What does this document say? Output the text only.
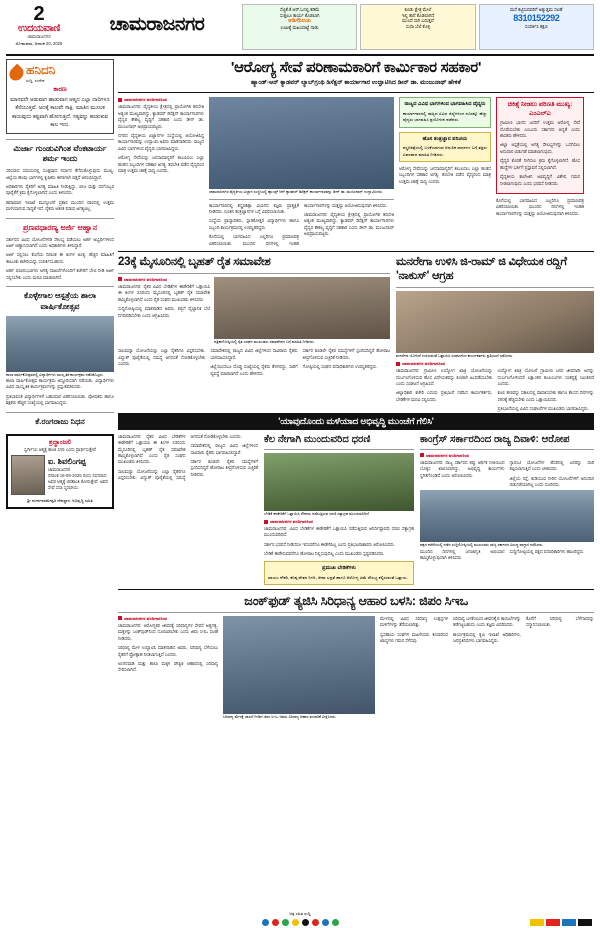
2
ಉದಯವಾಣಿ
ಚಾಮರಾಜನಗರ
ಸೋಮವಾರ, ದಿನಾಂಕ 20, 2025
ಚಾಮರಾಜನಗರ
ಸೆಟ್ಟಿಕೆ.ಕೆ.ಆರ್.ಓನಲ್ಲಿ ಕಡಿಮೆ
ಸುತ್ತಲೂ ಕಾರ್ಯ ಕೊಡಲಾಗಿ
ಅಡಿಗೆನಿಲಯ
ಊಟಕ್ಕೆ ಮಹಿಯಾಟ್ಟೆ ನಾಡು
ಕೂಡು ಕ್ಷೇತ್ರ ಮೇಲೆ
ಇಲ್ಲಿ ತಾನೆ ಕೊಡಲಾಗಿದೆ
ಮುಂದೆ ಸಾಗಿ ಬರುತ್ತದೆ
ಸುಧಾ ಬೆಲೆ ಕೊಳ್ಳಿ
ಮನೆ ಕಟ್ಟಿಸುವವರಿಗೆ ಅತ್ಯುತ್ತಮ ಸಲಹೆ
8310152292
ಸಂಪರ್ಕಿಸಿ ತಕ್ಷಣ
ಹನಿದನಿ
ಸುದ್ದಿ, ಸಂದೇಶ
ಕಾರಣ
ಮಾನವನೇ ಆಡುವಾಗ ಹಾಡುವಾಗ ಆತ್ಮದ ಎಲ್ಲಾ ದಾರಿಗಳೂ ತೆರೆಯುತ್ತವೆ. ಅದಕ್ಕೆ ಕಾಲವೇ ಸಾಕ್ಷಿ. ಮಾತಿನ ಮೂಲಕ ಕಾಣುವುದು ಕಷ್ಟವಾಗಿ ಹೋಗುತ್ತದೆ. ಸತ್ಯವನ್ನು ಹುಡುಕುವ ಕಾಲ ಇದು.
ಮಿರ್ಜಾ ಗುಂಡುವಿಗಿಂತ ವೆಂಕಟಾರ್ಯ ಶರ್ಮ ಇಂದು

ಸರಿಯಾದ ಸಮಯದಲ್ಲಿ ಸೂಕ್ತವಾದ ನಿರ್ಧಾರ ತೆಗೆದುಕೊಳ್ಳುವುದು ಮುಖ್ಯ. ಜಿಲ್ಲೆಯ ಹಲವು ಭಾಗಗಳಲ್ಲಿ ಕೃಷಿಕರು ಈಗಾಗಲೇ ಬಿತ್ತನೆ ಆರಂಭಿಸಿದ್ದಾರೆ.

ಅಧಿಕಾರಿಗಳು ರೈತರಿಗೆ ಅಗತ್ಯ ಮಾಹಿತಿ ನೀಡುತ್ತಿದ್ದು, ಬೀಜ ಮತ್ತು ರಸಗೊಬ್ಬರ ಪೂರೈಕೆಗೆ ಕ್ರಮ ಕೈಗೊಳ್ಳಲಾಗಿದೆ ಎಂದು ತಿಳಿಸಿದರು.

ಹವಾಮಾನ ಇಲಾಖೆ ಮುನ್ಸೂಚನೆ ಪ್ರಕಾರ ಮುಂದಿನ ವಾರದಲ್ಲಿ ಉತ್ತಮ ಮಳೆಯಾಗುವ ಸಾಧ್ಯತೆ ಇದೆ. ರೈತರು ಆತಂಕ ಪಡುವ ಅಗತ್ಯವಿಲ್ಲ.

ಪ್ರಣವಧಾರಣ್ಯ ಅರ್ಜಿ ಆಹ್ವಾನ

ಸರ್ಕಾರದ ವಿವಿಧ ಯೋಜನೆಗಳಡಿ ಸೌಲಭ್ಯ ಪಡೆಯಲು ಅರ್ಹ ಅಭ್ಯರ್ಥಿಗಳಿಂದ ಅರ್ಜಿ ಆಹ್ವಾನಿಸಲಾಗಿದೆ ಎಂದು ಅಧಿಕಾರಿಗಳು ತಿಳಿಸಿದ್ದಾರೆ.

ಅರ್ಜಿ ಸಲ್ಲಿಸಲು ಕೊನೆಯ ದಿನಾಂಕ ಈ ತಿಂಗಳ ಅಂತ್ಯ. ಹೆಚ್ಚಿನ ಮಾಹಿತಿಗೆ ತಾಲೂಕು ಕಚೇರಿಯನ್ನು ಸಂಪರ್ಕಿಸಬಹುದು.

ಅರ್ಹ ಫಲಾನುಭವಿಗಳು ಅಗತ್ಯ ದಾಖಲೆಗಳೊಂದಿಗೆ ಕಚೇರಿಗೆ ಭೇಟಿ ನೀಡಿ ಅರ್ಜಿ ಸಲ್ಲಿಸಬೇಕು ಎಂದು ಮನವಿ ಮಾಡಲಾಗಿದೆ.

ಕೊಳ್ಳೇಗಾಲ ಆಸ್ಪತ್ರೆಯ ಶಾಲಾ ವಾರ್ಷಿಕೋತ್ಸವ
ಶಾಲಾ ವಾರ್ಷಿಕೋತ್ಸವದಲ್ಲಿ ವಿದ್ಯಾರ್ಥಿಗಳು ಸಾಂಸ್ಕೃತಿಕ ಕಾರ್ಯಕ್ರಮ ನಡೆಸಿಕೊಟ್ಟರು.

ಶಾಲಾ ವಾರ್ಷಿಕೋತ್ಸವ ಕಾರ್ಯಕ್ರಮ ಅದ್ಧೂರಿಯಾಗಿ ನಡೆಯಿತು. ವಿದ್ಯಾರ್ಥಿಗಳು ವಿವಿಧ ಸಾಂಸ್ಕೃತಿಕ ಕಾರ್ಯಕ್ರಮಗಳನ್ನು ಪ್ರಸ್ತುತಪಡಿಸಿದರು.

ಪ್ರತಿಭಾವಂತ ವಿದ್ಯಾರ್ಥಿಗಳಿಗೆ ಬಹುಮಾನ ವಿತರಿಸಲಾಯಿತು. ಪೋಷಕರು ಹಾಗೂ ಶಿಕ್ಷಕರು ಹೆಚ್ಚಿನ ಸಂಖ್ಯೆಯಲ್ಲಿ ಭಾಗವಹಿಸಿದ್ದರು.

ಕೆ.ರಂಗರಾಜು ನಿಧನ
ಶ್ರದ್ಧಾಂಜಲಿ
ಸ್ವರ್ಗೀಯ ಆತ್ಮಕ್ಕೆ ಶಾಂತಿ ಸಿಗಲಿ ಎಂದು ಪ್ರಾರ್ಥಿಸುತ್ತೇವೆ
ಐ. ಶಿವಲಿಂಗಪ್ಪ
ಚಾಮರಾಜನಗರ
ದಿನಾಂಕ 18-09-2025 ರಂದು ನಿಧನರಾದ ಅವರ ಆತ್ಮಕ್ಕೆ ಚಿರಶಾಂತಿ ಕೋರುತ್ತೇವೆ. ಅವರ ಸೇವೆ ಸದಾ ಸ್ಮರಣೀಯ.
ಶ್ರೀ ದುರ್ಗಾಪರಮೇಶ್ವರಿ ದೇವಸ್ಥಾನ, ಅಭಿವೃದ್ಧಿ ಸಮಿತಿ
'ಆರೋಗ್ಯ ಸೇವೆ ಪರಿಣಾಮಕಾರಿಗೆ ಕಾರ್ಮಿಕಾರ ಸಹಕಾರ'
ಹ್ಯಾಂಡ್-ಆನ್ ಕ್ಯಾಡವರ್ ಲ್ಯಾಬ್‌ಗ್ರಂಥಿ ಡಿಸೆಕ್ಷನ್ ಕಾರ್ಯಾಗಾರ ಉದ್ಘಾಟಿಸಿದ ಡೀನ್ ಡಾ. ಮಂಜುನಾಥ್ ಹೇಳಿಕೆ
ಚಾಮರಾಜನಗರ ವರದಿಗಾರರಿಂದ

ಚಾಮರಾಜನಗರ: ವೈದ್ಯಕೀಯ ಕ್ಷೇತ್ರದಲ್ಲಿ ಪ್ರಾಯೋಗಿಕ ತರಬೇತಿ ಅತ್ಯಂತ ಮುಖ್ಯವಾಗಿದ್ದು, ಕ್ಯಾಡವರ್ ಡಿಸೆಕ್ಷನ್ ಕಾರ್ಯಾಗಾರಗಳು ವೈದ್ಯರ ಕೌಶಲ್ಯ ವೃದ್ಧಿಗೆ ಸಹಕಾರಿ ಎಂದು ಡೀನ್ ಡಾ. ಮಂಜುನಾಥ್ ಅಭಿಪ್ರಾಯಪಟ್ಟರು.

ನಗರದ ವೈದ್ಯಕೀಯ ವಿಜ್ಞಾನಗಳ ಸಂಸ್ಥೆಯಲ್ಲಿ ಆಯೋಜಿಸಿದ್ದ ಕಾರ್ಯಾಗಾರವನ್ನು ಉದ್ಘಾಟಿಸಿ ಅವರು ಮಾತನಾಡಿದರು. ರಾಜ್ಯದ ವಿವಿಧ ಭಾಗಗಳಿಂದ ವೈದ್ಯರು ಭಾಗವಹಿಸಿದ್ದರು.

ಆರೋಗ್ಯ ಸೇವೆಯನ್ನು ಜನಸಾಮಾನ್ಯರಿಗೆ ತಲುಪಿಸಲು ಎಲ್ಲಾ ಹಂತದ ಸಿಬ್ಬಂದಿಗಳ ಸಹಕಾರ ಅಗತ್ಯ. ತರಬೇತಿ ಪಡೆದ ವೈದ್ಯರಿಂದ ಮಾತ್ರ ಉತ್ತಮ ಚಿಕಿತ್ಸೆ ಸಾಧ್ಯ ಎಂದರು.

ಚಾಮರಾಜನಗರ ವೈದ್ಯಕೀಯ ವಿಜ್ಞಾನ ಸಂಸ್ಥೆಯಲ್ಲಿ ಹ್ಯಾಂಡ್ಸ್ ಆನ್ ಕ್ಯಾಡವರ್ ಡಿಸೆಕ್ಷನ್ ಕಾರ್ಯಾಗಾರವನ್ನು ಡೀನ್ ಡಾ. ಮಂಜುನಾಥ್ ಉದ್ಘಾಟಿಸಿದರು.

ಕಾರ್ಯಾಗಾರದಲ್ಲಿ ಶಸ್ತ್ರಚಿಕಿತ್ಸಾ ವಿಭಾಗದ ತಜ್ಞರು ಪ್ರಾತ್ಯಕ್ಷಿಕೆ ನೀಡಿದರು. ನೂತನ ತಂತ್ರಜ್ಞಾನಗಳ ಬಗ್ಗೆ ವಿವರಿಸಲಾಯಿತು.

ಸಂಸ್ಥೆಯ ಪ್ರಾಧ್ಯಾಪಕರು, ಸ್ನಾತಕೋತ್ತರ ವಿದ್ಯಾರ್ಥಿಗಳು ಹಾಗೂ ಸಿಬ್ಬಂದಿ ಕಾರ್ಯಕ್ರಮದಲ್ಲಿ ಉಪಸ್ಥಿತರಿದ್ದರು.

ಕೊನೆಯಲ್ಲಿ ಭಾಗವಹಿಸಿದ ಎಲ್ಲರಿಗೂ ಪ್ರಮಾಣಪತ್ರ ವಿತರಿಸಲಾಯಿತು. ಮುಂದಿನ ದಿನಗಳಲ್ಲಿ ಇಂತಹ ಕಾರ್ಯಾಗಾರಗಳನ್ನು ಮತ್ತಷ್ಟು ಆಯೋಜಿಸುವುದಾಗಿ ತಿಳಿಸಿದರು.

ಚಾಮರಾಜನಗರ: ವೈದ್ಯಕೀಯ ಕ್ಷೇತ್ರದಲ್ಲಿ ಪ್ರಾಯೋಗಿಕ ತರಬೇತಿ ಅತ್ಯಂತ ಮುಖ್ಯವಾಗಿದ್ದು, ಕ್ಯಾಡವರ್ ಡಿಸೆಕ್ಷನ್ ಕಾರ್ಯಾಗಾರಗಳು ವೈದ್ಯರ ಕೌಶಲ್ಯ ವೃದ್ಧಿಗೆ ಸಹಕಾರಿ ಎಂದು ಡೀನ್ ಡಾ. ಮಂಜುನಾಥ್ ಅಭಿಪ್ರಾಯಪಟ್ಟರು.

ರಾಜ್ಯದ ವಿವಿಧ ಭಾಗಗಳಿಂದ ಭಾಗವಹಿಸಿದ ವೈದ್ಯರು
ಕಾರ್ಯಾಗಾರದಲ್ಲಿ ರಾಜ್ಯದ ವಿವಿಧ ಜಿಲ್ಲೆಗಳಿಂದ ನೂರಕ್ಕೂ ಹೆಚ್ಚು ವೈದ್ಯರು ಭಾಗವಹಿಸಿ ಪ್ರಯೋಜನ ಪಡೆದರು.
ಹೊಸ ತಂತ್ರಜ್ಞಾನ ಪರಿಚಯ
ಶಸ್ತ್ರಚಿಕಿತ್ಸೆಯಲ್ಲಿ ಬಳಕೆಯಾಗುವ ಆಧುನಿಕ ಸಾಧನಗಳ ಬಗ್ಗೆ ತಜ್ಞರು ವಿವರವಾದ ಮಾಹಿತಿ ನೀಡಿದರು.

ಆರೋಗ್ಯ ಸೇವೆಯನ್ನು ಜನಸಾಮಾನ್ಯರಿಗೆ ತಲುಪಿಸಲು ಎಲ್ಲಾ ಹಂತದ ಸಿಬ್ಬಂದಿಗಳ ಸಹಕಾರ ಅಗತ್ಯ. ತರಬೇತಿ ಪಡೆದ ವೈದ್ಯರಿಂದ ಮಾತ್ರ ಉತ್ತಮ ಚಿಕಿತ್ಸೆ ಸಾಧ್ಯ ಎಂದರು.

ಚಿಕಿತ್ಸೆ ನೀಡಲು ಪರಿಣತಿ ಮುಖ್ಯ: ಎಂಎಲ್‌ಎ

ಗ್ರಾಮೀಣ ಭಾಗದ ಜನರಿಗೆ ಉತ್ತಮ ಆರೋಗ್ಯ ಸೇವೆ ದೊರೆಯಬೇಕು ಎಂಬುದು ಸರ್ಕಾರದ ಆದ್ಯತೆ ಎಂದು ಶಾಸಕರು ಹೇಳಿದರು.

ಜಿಲ್ಲಾ ಆಸ್ಪತ್ರೆಯಲ್ಲಿ ಅಗತ್ಯ ಸೌಲಭ್ಯಗಳನ್ನು ಒದಗಿಸಲು ಅನುದಾನ ಬಿಡುಗಡೆ ಮಾಡಲಾಗುವುದು.

ವೈದ್ಯರ ಕೊರತೆ ನೀಗಿಸಲು ಕ್ರಮ ಕೈಗೊಳ್ಳಲಾಗಿದೆ. ಹೊಸ ಹುದ್ದೆಗಳ ಭರ್ತಿಗೆ ಪ್ರಸ್ತಾವನೆ ಸಲ್ಲಿಸಲಾಗಿದೆ.

ವೈದ್ಯಕೀಯ ಕಾಲೇಜಿನ ಅಭಿವೃದ್ಧಿಗೆ ವಿಶೇಷ ಗಮನ ನೀಡಲಾಗುವುದು ಎಂದು ಭರವಸೆ ನೀಡಿದರು.

ಕೊನೆಯಲ್ಲಿ ಭಾಗವಹಿಸಿದ ಎಲ್ಲರಿಗೂ ಪ್ರಮಾಣಪತ್ರ ವಿತರಿಸಲಾಯಿತು. ಮುಂದಿನ ದಿನಗಳಲ್ಲಿ ಇಂತಹ ಕಾರ್ಯಾಗಾರಗಳನ್ನು ಮತ್ತಷ್ಟು ಆಯೋಜಿಸುವುದಾಗಿ ತಿಳಿಸಿದರು.

23ಕ್ಕೆ ಮೈಸೂರಿನಲ್ಲಿ ಬೃಹತ್ ರೈತ ಸಮಾವೇಶ
ಚಾಮರಾಜನಗರ ವರದಿಗಾರರಿಂದ

ಚಾಮರಾಜನಗರ: ರೈತರ ವಿವಿಧ ಬೇಡಿಕೆಗಳ ಈಡೇರಿಕೆಗೆ ಒತ್ತಾಯಿಸಿ ಈ ತಿಂಗಳ 23ರಂದು ಮೈಸೂರಿನಲ್ಲಿ ಬೃಹತ್ ರೈತ ಸಮಾವೇಶ ಹಮ್ಮಿಕೊಳ್ಳಲಾಗಿದೆ ಎಂದು ರೈತ ಸಂಘದ ಮುಖಂಡರು ತಿಳಿಸಿದರು.

ಸುದ್ದಿಗೋಷ್ಠಿಯಲ್ಲಿ ಮಾತನಾಡಿದ ಅವರು, ಕಬ್ಬಿಗೆ ವೈಜ್ಞಾನಿಕ ಬೆಲೆ ನಿಗದಿಪಡಿಸಬೇಕು ಎಂದು ಆಗ್ರಹಿಸಿದರು.

ಪತ್ರಿಕಾಗೋಷ್ಠಿಯಲ್ಲಿ ರೈತ ಸಂಘದ ಮುಖಂಡರು ಸಮಾವೇಶದ ಬಗ್ಗೆ ಮಾಹಿತಿ ನೀಡಿದರು.

ಸಾಲಮನ್ನಾ ಯೋಜನೆಯನ್ನು ಎಲ್ಲಾ ರೈತರಿಗೂ ವಿಸ್ತರಿಸಬೇಕು. ವಿದ್ಯುತ್ ಪೂರೈಕೆಯಲ್ಲಿ ಸಮಸ್ಯೆ ಆಗದಂತೆ ನೋಡಿಕೊಳ್ಳಬೇಕು ಎಂದರು.

ಸಮಾವೇಶದಲ್ಲಿ ರಾಜ್ಯದ ವಿವಿಧ ಜಿಲ್ಲೆಗಳಿಂದ ಸಾವಿರಾರು ರೈತರು ಭಾಗವಹಿಸಲಿದ್ದಾರೆ.

ಜಿಲ್ಲೆಯಿಂದಲೂ ದೊಡ್ಡ ಸಂಖ್ಯೆಯಲ್ಲಿ ರೈತರು ತೆರಳಲಿದ್ದು, ಸಾರಿಗೆ ವ್ಯವಸ್ಥೆ ಮಾಡಲಾಗಿದೆ ಎಂದು ಹೇಳಿದರು.

ಸರ್ಕಾರ ಕೂಡಲೇ ರೈತರ ಸಮಸ್ಯೆಗಳಿಗೆ ಸ್ಪಂದಿಸದಿದ್ದರೆ ಹೋರಾಟ ತೀವ್ರಗೊಳಿಸುವ ಎಚ್ಚರಿಕೆ ನೀಡಿದರು.

ಗೋಷ್ಠಿಯಲ್ಲಿ ಸಂಘದ ಪದಾಧಿಕಾರಿಗಳು ಉಪಸ್ಥಿತರಿದ್ದರು.

ಮನರೇಗಾ ಉಳಿಸಿ ಜಿ-ರಾಮ್ ಜಿ ವಿಧೇಯಕ ರದ್ದಿಗೆ 'ನಾಕುಸ್' ಆಗ್ರಹ
ಮನರೇಗಾ ಯೋಜನೆ ಉಳಿಸುವಂತೆ ಒತ್ತಾಯಿಸಿ ಸಂಘಟನೆಯ ಕಾರ್ಯಕರ್ತರು ಪ್ರತಿಭಟನೆ ನಡೆಸಿದರು.
ಚಾಮರಾಜನಗರ ವರದಿಗಾರರಿಂದ

ಚಾಮರಾಜನಗರ: ಗ್ರಾಮೀಣ ಉದ್ಯೋಗ ಖಾತ್ರಿ ಯೋಜನೆಯನ್ನು ದುರ್ಬಲಗೊಳಿಸುವ ಹೊಸ ವಿಧೇಯಕವನ್ನು ಕೂಡಲೇ ಹಿಂಪಡೆಯಬೇಕು ಎಂದು ಸಂಘಟನೆ ಆಗ್ರಹಿಸಿದೆ.

ಜಿಲ್ಲಾಧಿಕಾರಿ ಕಚೇರಿ ಎದುರು ಪ್ರತಿಭಟನೆ ನಡೆಸಿದ ಕಾರ್ಯಕರ್ತರು, ಬೇಡಿಕೆಗಳ ಮನವಿ ಸಲ್ಲಿಸಿದರು.

ಉದ್ಯೋಗ ಖಾತ್ರಿ ಯೋಜನೆ ಗ್ರಾಮೀಣ ಜನರ ಜೀವನಾಡಿ. ಅದನ್ನು ದುರ್ಬಲಗೊಳಿಸಿದರೆ ಲಕ್ಷಾಂತರ ಕುಟುಂಬಗಳು ಸಂಕಷ್ಟಕ್ಕೆ ಸಿಲುಕಲಿವೆ ಎಂದರು.

ಕೂಲಿ ಹಣವನ್ನು ಸಕಾಲದಲ್ಲಿ ಪಾವತಿಸಬೇಕು ಹಾಗೂ ಕೆಲಸದ ದಿನಗಳನ್ನು 200ಕ್ಕೆ ಹೆಚ್ಚಿಸಬೇಕು ಎಂದು ಒತ್ತಾಯಿಸಿದರು.

ಪ್ರತಿಭಟನೆಯಲ್ಲಿ ವಿವಿಧ ಸಂಘಟನೆಗಳ ಮುಖಂಡರು ಭಾಗವಹಿಸಿದ್ದರು.

'ಯಾವುದೊಂದು ಮಳೆಯಾದ ಅಭಿವೃದ್ಧಿ ಮುಂಚೆಗೆ ಗೆಲಿಸಿ'

ಚಾಮರಾಜನಗರ: ರೈತರ ವಿವಿಧ ಬೇಡಿಕೆಗಳ ಈಡೇರಿಕೆಗೆ ಒತ್ತಾಯಿಸಿ ಈ ತಿಂಗಳ 23ರಂದು ಮೈಸೂರಿನಲ್ಲಿ ಬೃಹತ್ ರೈತ ಸಮಾವೇಶ ಹಮ್ಮಿಕೊಳ್ಳಲಾಗಿದೆ ಎಂದು ರೈತ ಸಂಘದ ಮುಖಂಡರು ತಿಳಿಸಿದರು.

ಸಾಲಮನ್ನಾ ಯೋಜನೆಯನ್ನು ಎಲ್ಲಾ ರೈತರಿಗೂ ವಿಸ್ತರಿಸಬೇಕು. ವಿದ್ಯುತ್ ಪೂರೈಕೆಯಲ್ಲಿ ಸಮಸ್ಯೆ ಆಗದಂತೆ ನೋಡಿಕೊಳ್ಳಬೇಕು ಎಂದರು.

ಸಮಾವೇಶದಲ್ಲಿ ರಾಜ್ಯದ ವಿವಿಧ ಜಿಲ್ಲೆಗಳಿಂದ ಸಾವಿರಾರು ರೈತರು ಭಾಗವಹಿಸಲಿದ್ದಾರೆ.

ಸರ್ಕಾರ ಕೂಡಲೇ ರೈತರ ಸಮಸ್ಯೆಗಳಿಗೆ ಸ್ಪಂದಿಸದಿದ್ದರೆ ಹೋರಾಟ ತೀವ್ರಗೊಳಿಸುವ ಎಚ್ಚರಿಕೆ ನೀಡಿದರು.

ಕೆಲ ನೇಗಾಗಿ ಮುಂದುವರಿದ ಧರಣಿ
ಬೇಡಿಕೆ ಈಡೇರಿಕೆಗೆ ಒತ್ತಾಯಿಸಿ ನೌಕರರು ನಡೆಸುತ್ತಿರುವ ಧರಣಿ ಸತ್ಯಾಗ್ರಹ ಮುಂದುವರಿದಿದೆ.
ಚಾಮರಾಜನಗರ ವರದಿಗಾರರಿಂದ

ಚಾಮರಾಜನಗರ: ವಿವಿಧ ಬೇಡಿಕೆಗಳ ಈಡೇರಿಕೆಗೆ ಒತ್ತಾಯಿಸಿ ನಡೆಸುತ್ತಿರುವ ಅನಿರ್ದಿಷ್ಟಾವಧಿ ಧರಣಿ ಸತ್ಯಾಗ್ರಹ ಮುಂದುವರಿದಿದೆ.

ಸರ್ಕಾರ ಭರವಸೆ ನೀಡಿದರೂ ಇದುವರೆಗೂ ಈಡೇರಿಸಿಲ್ಲ ಎಂದು ಪ್ರತಿಭಟನಾಕಾರರು ಆರೋಪಿಸಿದರು.

ಬೇಡಿಕೆ ಈಡೇರುವವರೆಗೂ ಹೋರಾಟ ನಿಲ್ಲಿಸುವುದಿಲ್ಲ ಎಂದು ಮುಖಂಡರು ಸ್ಪಷ್ಟಪಡಿಸಿದರು.

ಪ್ರಮುಖ ಬೇಡಿಕೆಗಳು
ಖಾಯಂ ನೌಕರಿ, ಕನಿಷ್ಠ ವೇತನ ನಿಗದಿ, ಸೇವಾ ಭದ್ರತೆ ಹಾಗೂ ಆರೋಗ್ಯ ವಿಮೆ ಸೌಲಭ್ಯ ಕಲ್ಪಿಸುವಂತೆ ಒತ್ತಾಯ.
ಕಾಂಗ್ರೆಸ್ ಸರ್ಕಾರದಿಂದ ರಾಜ್ಯ ದಿವಾಳಿ: ಆರೋಪ
ಚಾಮರಾಜನಗರ ವರದಿಗಾರರಿಂದ

ಚಾಮರಾಜನಗರ: ರಾಜ್ಯ ಸರ್ಕಾರದ ತಪ್ಪು ಆರ್ಥಿಕ ನೀತಿಯಿಂದ ಬೊಕ್ಕಸ ಖಾಲಿಯಾಗಿದ್ದು, ಅಭಿವೃದ್ಧಿ ಕಾರ್ಯಗಳು ಸ್ಥಗಿತಗೊಂಡಿವೆ ಎಂದು ಆರೋಪಿಸಿದರು.

ಗ್ಯಾರಂಟಿ ಯೋಜನೆಗಳ ಹೆಸರಿನಲ್ಲಿ ಜನರನ್ನು ದಾರಿ ತಪ್ಪಿಸಲಾಗುತ್ತಿದೆ ಎಂದು ಟೀಕಿಸಿದರು.

ಜಿಲ್ಲೆಯ ರಸ್ತೆ, ಕುಡಿಯುವ ನೀರಿನ ಯೋಜನೆಗಳಿಗೆ ಅನುದಾನ ಬಿಡುಗಡೆಯಾಗಿಲ್ಲ ಎಂದು ದೂರಿದರು.

ಪಕ್ಷದ ಕಚೇರಿಯಲ್ಲಿ ನಡೆದ ಸುದ್ದಿಗೋಷ್ಠಿಯಲ್ಲಿ ಮುಖಂಡರು ರಾಜ್ಯ ಸರ್ಕಾರದ ವಿರುದ್ಧ ವಾಗ್ದಾಳಿ ನಡೆಸಿದರು.

ಮುಂದಿನ ದಿನಗಳಲ್ಲಿ ಜನಜಾಗೃತಿ ಅಭಿಯಾನ ಹಮ್ಮಿಕೊಳ್ಳುವುದಾಗಿ ತಿಳಿಸಿದರು.

ಸುದ್ದಿಗೋಷ್ಠಿಯಲ್ಲಿ ಪಕ್ಷದ ಪದಾಧಿಕಾರಿಗಳು ಹಾಜರಿದ್ದರು.

ಜಂಕ್‌ಫುಡ್ ತ್ಯಜಿಸಿ ಸಿರಿಧಾನ್ಯ ಆಹಾರ ಬಳಸಿ: ಜಿಪಂ ಸಿಇಒ
ಚಾಮರಾಜನಗರ ವರದಿಗಾರರಿಂದ

ಚಾಮರಾಜನಗರ: ಆರೋಗ್ಯಕರ ಜೀವನಕ್ಕೆ ಸಿರಿಧಾನ್ಯಗಳ ಸೇವನೆ ಅತ್ಯಗತ್ಯ. ಮಕ್ಕಳನ್ನು ಜಂಕ್‌ಫುಡ್‌ನಿಂದ ದೂರವಿಡಬೇಕು ಎಂದು ಜಿಪಂ ಸಿಇಒ ಸಲಹೆ ನೀಡಿದರು.

ಸಿರಿಧಾನ್ಯ ಮೇಳ ಉದ್ಘಾಟಿಸಿ ಮಾತನಾಡಿದ ಅವರು, ಸಿರಿಧಾನ್ಯ ಬೆಳೆಯಲು ರೈತರಿಗೆ ಪ್ರೋತ್ಸಾಹ ನೀಡಲಾಗುತ್ತಿದೆ ಎಂದರು.

ಅಂಗನವಾಡಿ ಮತ್ತು ಶಾಲಾ ಮಕ್ಕಳ ಪೌಷ್ಟಿಕ ಆಹಾರದಲ್ಲಿ ಸಿರಿಧಾನ್ಯ ಸೇರಿಸಲಾಗಿದೆ.

ಸಿರಿಧಾನ್ಯ ಮೇಳಕ್ಕೆ ಚಾಲನೆ ನೀಡಿದ ಜಿಪಂ ಸಿಇಒ ಅವರು ಸಿರಿಧಾನ್ಯ ಆಹಾರ ತಯಾರಿಕೆ ವೀಕ್ಷಿಸಿದರು.

ಮೇಳದಲ್ಲಿ ವಿವಿಧ ಸಿರಿಧಾನ್ಯ ಉತ್ಪನ್ನಗಳ ಮಳಿಗೆಗಳನ್ನು ತೆರೆಯಲಾಗಿತ್ತು.

ಸ್ವಸಹಾಯ ಸಂಘಗಳ ಮಹಿಳೆಯರು ತಯಾರಿಸಿದ ಖಾದ್ಯಗಳು ಗಮನ ಸೆಳೆದವು.

ಸಿರಿಧಾನ್ಯ ಬಳಕೆಯಿಂದ ಜೀವನಶೈಲಿ ಕಾಯಿಲೆಗಳನ್ನು ತಡೆಗಟ್ಟಬಹುದು ಎಂದು ತಜ್ಞರು ವಿವರಿಸಿದರು.

ಕಾರ್ಯಕ್ರಮದಲ್ಲಿ ಕೃಷಿ ಇಲಾಖೆ ಅಧಿಕಾರಿಗಳು, ಜನಪ್ರತಿನಿಧಿಗಳು ಭಾಗವಹಿಸಿದ್ದರು.

ಕೊನೆಗೆ ಸಿರಿಧಾನ್ಯ ಬೆಳೆಗಾರರನ್ನು ಸನ್ಮಾನಿಸಲಾಯಿತು.

ಚಿತ್ರ ಸಹಿತ ಸುದ್ದಿ
